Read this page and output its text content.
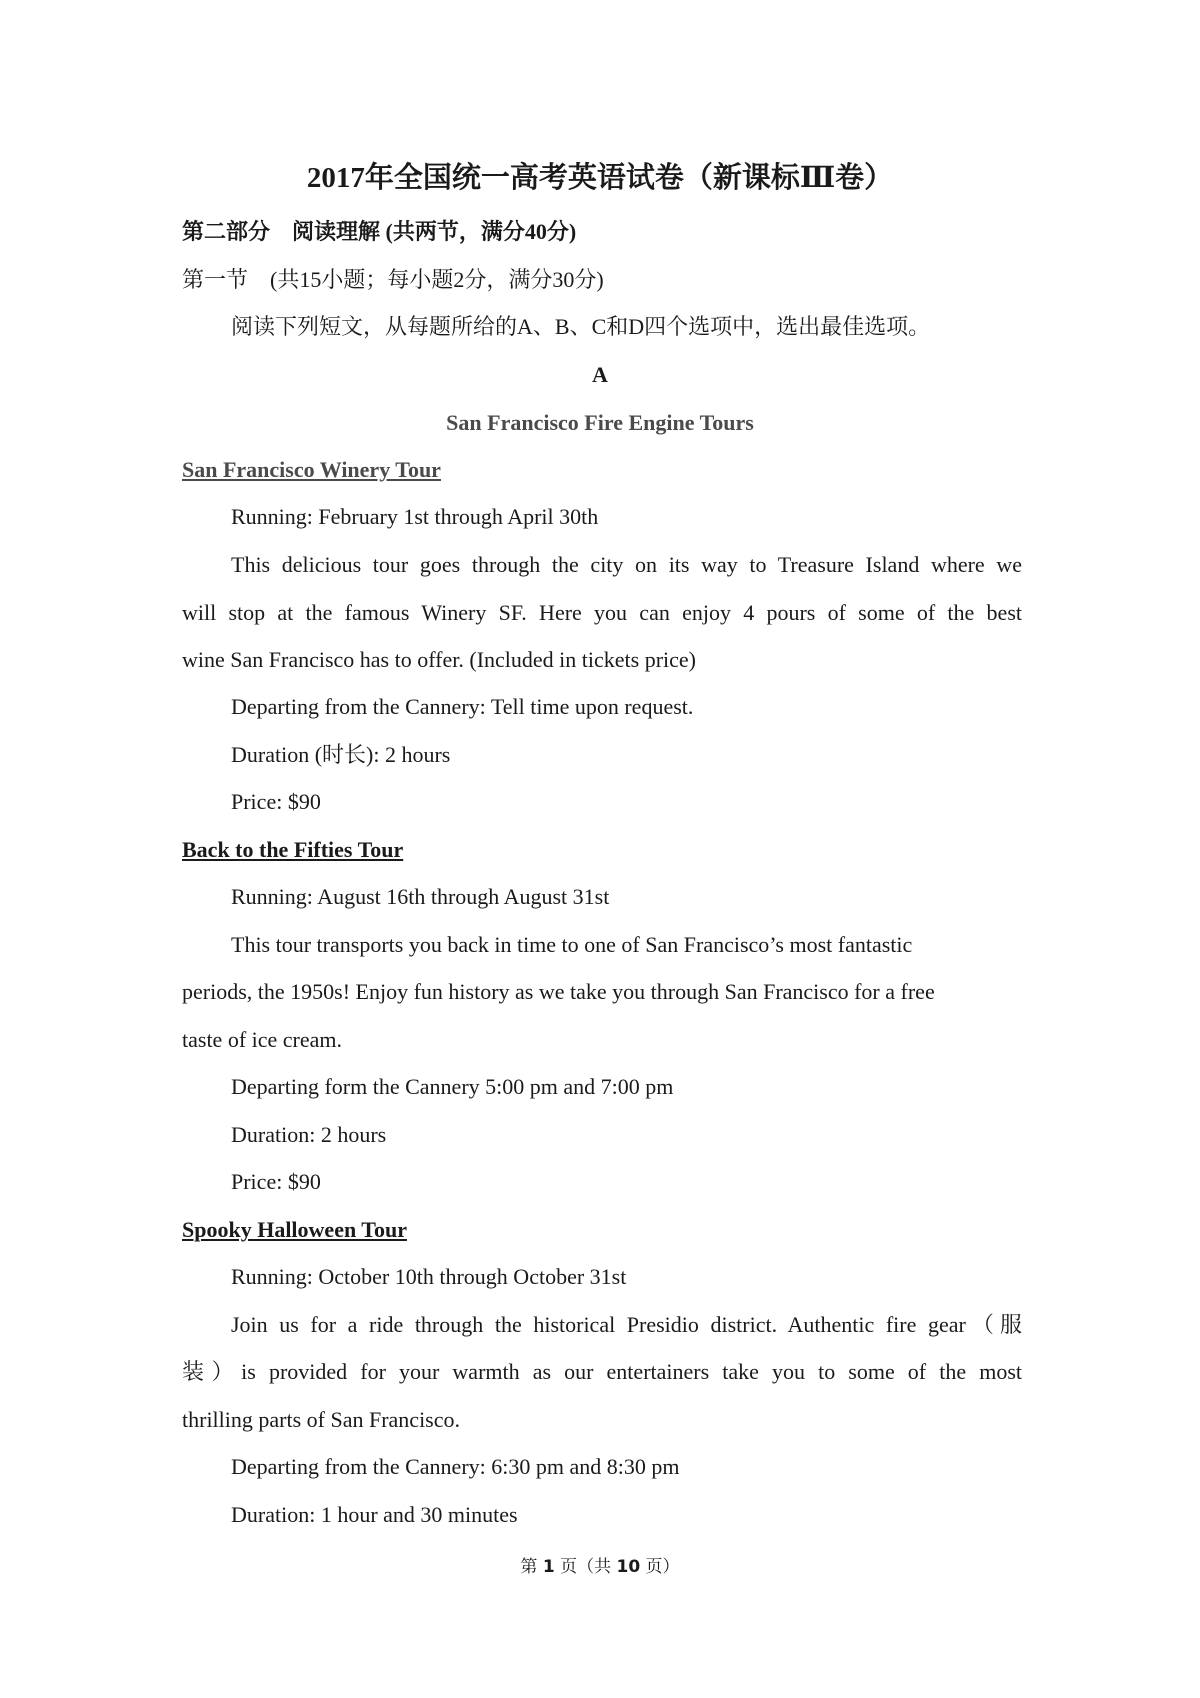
2017年全国统一高考英语试卷（新课标Ⅲ卷）
第二部分　阅读理解 (共两节，满分40分)
第一节　(共15小题；每小题2分，满分30分)
阅读下列短文，从每题所给的A、B、C和D四个选项中，选出最佳选项。
A
San Francisco Fire Engine Tours
San Francisco Winery Tour
Running: February 1st through April 30th
This delicious tour goes through the city on its way to Treasure Island where we
will stop at the famous Winery SF. Here you can enjoy 4 pours of some of the best
wine San Francisco has to offer. (Included in tickets price)
Departing from the Cannery: Tell time upon request.
Duration (时长): 2 hours
Price: $90
Back to the Fifties Tour
Running: August 16th through August 31st
This tour transports you back in time to one of San Francisco’s most fantastic
periods, the 1950s! Enjoy fun history as we take you through San Francisco for a free
taste of ice cream.
Departing form the Cannery 5:00 pm and 7:00 pm
Duration: 2 hours
Price: $90
Spooky Halloween Tour
Running: October 10th through October 31st
Join us for a ride through the historical Presidio district. Authentic fire gear（服
装）is provided for your warmth as our entertainers take you to some of the most
thrilling parts of San Francisco.
Departing from the Cannery: 6:30 pm and 8:30 pm
Duration: 1 hour and 30 minutes
第 1 页（共 10 页）
